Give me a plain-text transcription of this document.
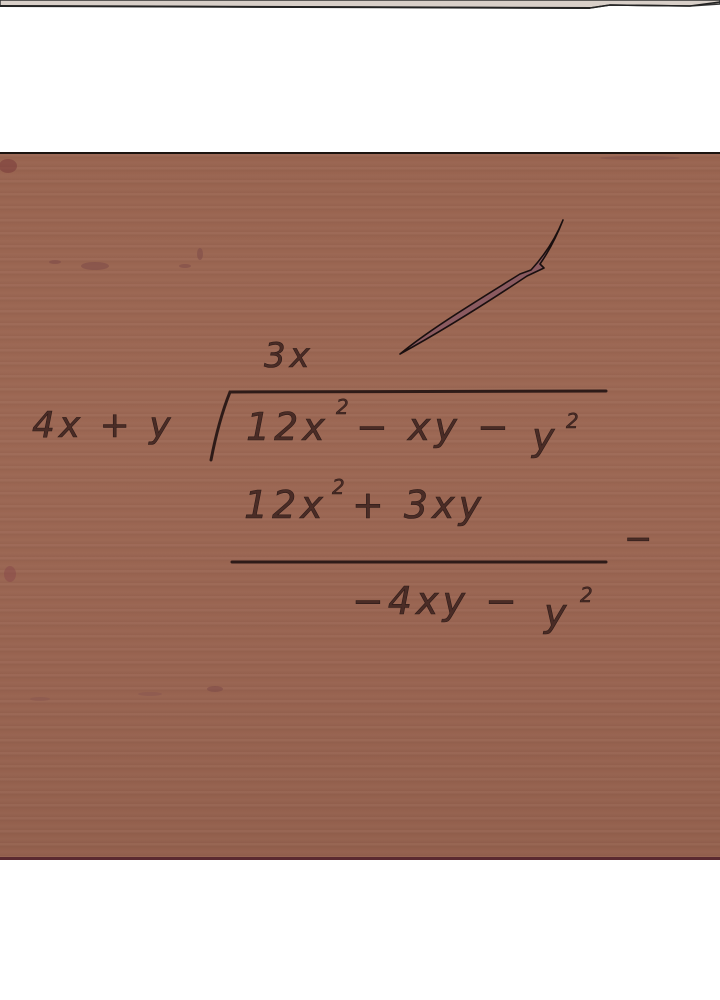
3x
4x + y 12x 2 − xy − y 2
12x 2 + 3xy
−
−4xy − y 2
